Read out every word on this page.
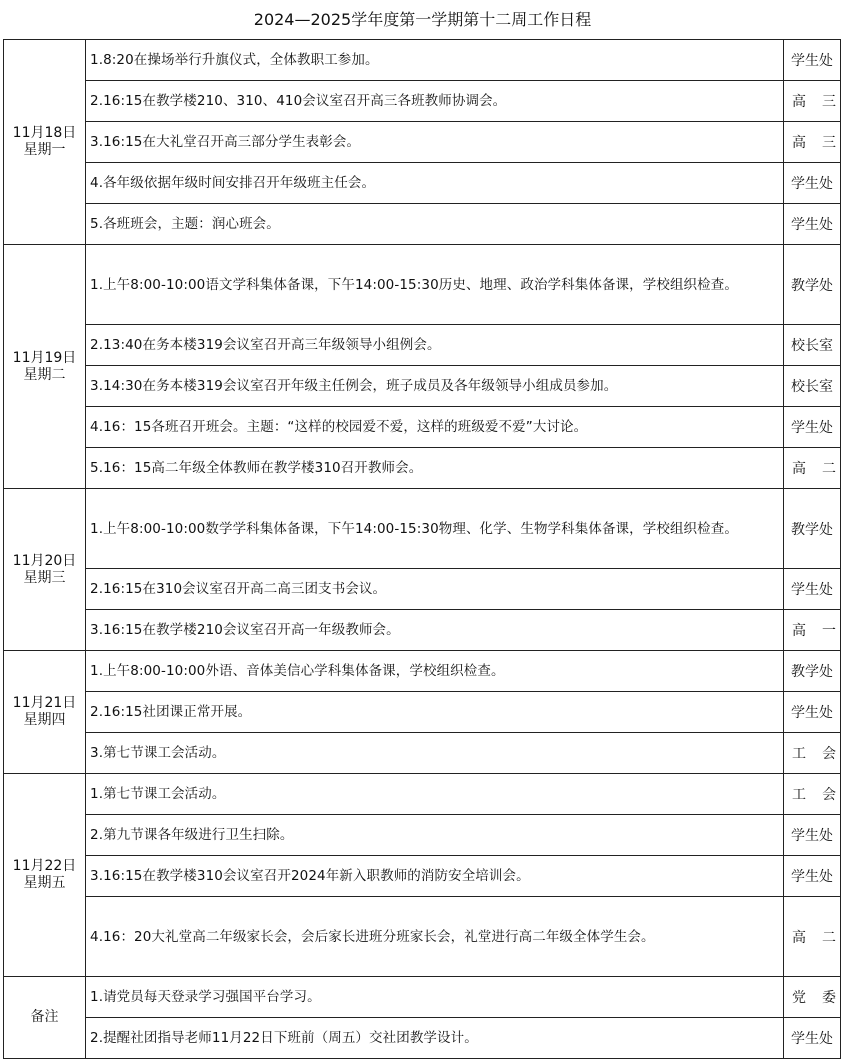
2024—2025学年度第一学期第十二周工作日程
11月18日
星期一	1.8:20在操场举行升旗仪式，全体教职工参加。	学生处
	2.16:15在教学楼210、310、410会议室召开高三各班教师协调会。	高三
	3.16:15在大礼堂召开高三部分学生表彰会。	高三
	4.各年级依据年级时间安排召开年级班主任会。	学生处
	5.各班班会，主题：润心班会。	学生处

11月19日
星期二	1.上午8:00-10:00语文学科集体备课，下午14:00-15:30历史、地理、政治学科集体备课，学校组织检查。	教学处
	2.13:40在务本楼319会议室召开高三年级领导小组例会。	校长室
	3.14:30在务本楼319会议室召开年级主任例会，班子成员及各年级领导小组成员参加。	校长室
	4.16：15各班召开班会。主题：“这样的校园爱不爱，这样的班级爱不爱”大讨论。	学生处
	5.16：15高二年级全体教师在教学楼310召开教师会。	高二

11月20日
星期三	1.上午8:00-10:00数学学科集体备课，下午14:00-15:30物理、化学、生物学科集体备课，学校组织检查。	教学处
	2.16:15在310会议室召开高二高三团支书会议。	学生处
	3.16:15在教学楼210会议室召开高一年级教师会。	高一

11月21日
星期四	1.上午8:00-10:00外语、音体美信心学科集体备课，学校组织检查。	教学处
	2.16:15社团课正常开展。	学生处
	3.第七节课工会活动。	工会

11月22日
星期五	1.第七节课工会活动。	工会
	2.第九节课各年级进行卫生扫除。	学生处
	3.16:15在教学楼310会议室召开2024年新入职教师的消防安全培训会。	学生处
	4.16：20大礼堂高二年级家长会，会后家长进班分班家长会，礼堂进行高二年级全体学生会。	高二

备注	1.请党员每天登录学习强国平台学习。	党委
	2.提醒社团指导老师11月22日下班前（周五）交社团教学设计。	学生处
